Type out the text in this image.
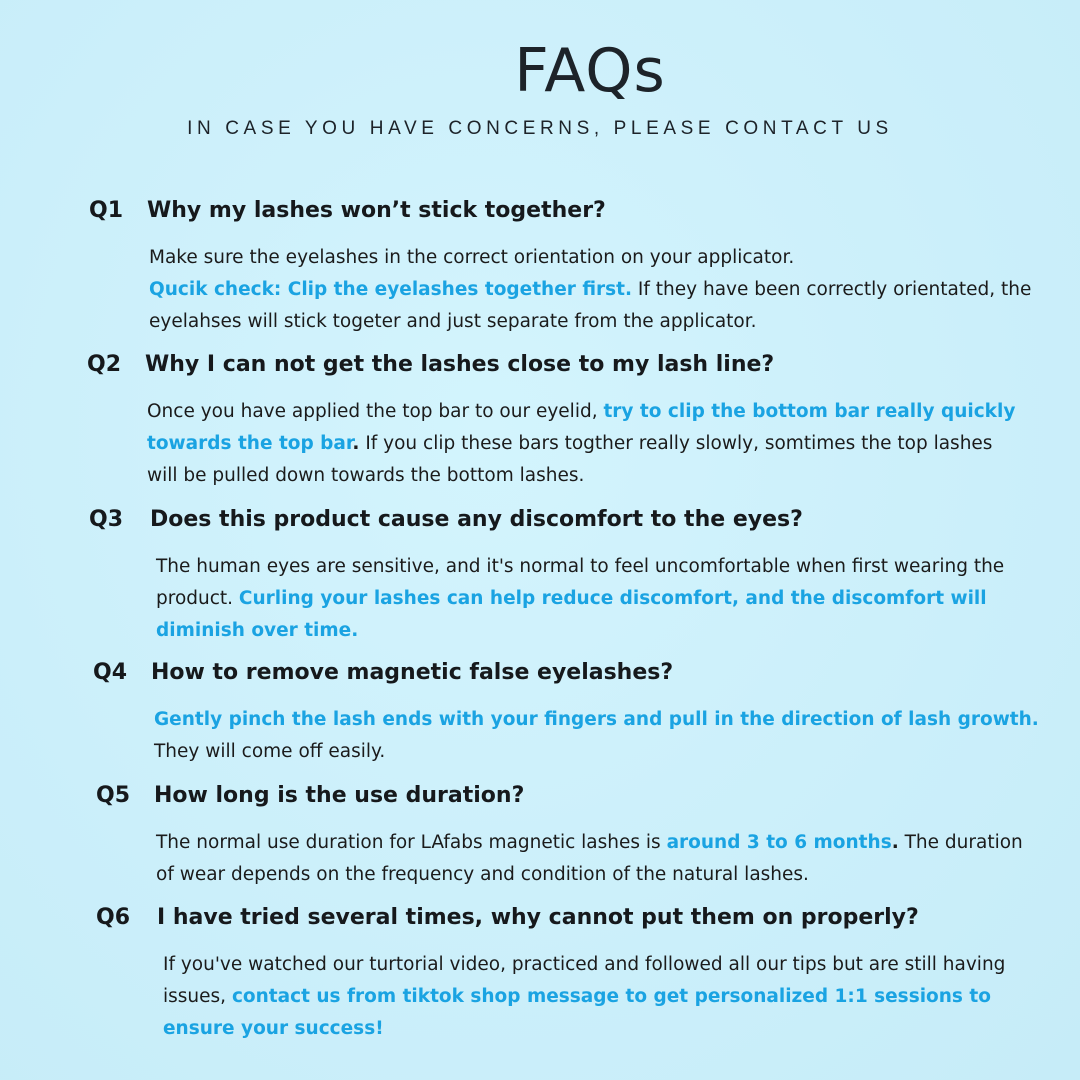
FAQs

IN CASE YOU HAVE CONCERNS, PLEASE CONTACT US

Q1 Why my lashes won’t stick together?

Make sure the eyelashes in the correct orientation on your applicator.
Qucik check: Clip the eyelashes together first. If they have been correctly orientated, the eyelahses will stick togeter and just separate from the applicator.

Q2 Why I can not get the lashes close to my lash line?

Once you have applied the top bar to our eyelid, try to clip the bottom bar really quickly towards the top bar. If you clip these bars togther really slowly, somtimes the top lashes will be pulled down towards the bottom lashes.

Q3 Does this product cause any discomfort to the eyes?

The human eyes are sensitive, and it's normal to feel uncomfortable when first wearing the product. Curling your lashes can help reduce discomfort, and the discomfort will diminish over time.

Q4 How to remove magnetic false eyelashes?

Gently pinch the lash ends with your fingers and pull in the direction of lash growth.
They will come off easily.

Q5 How long is the use duration?

The normal use duration for LAfabs magnetic lashes is around 3 to 6 months. The duration of wear depends on the frequency and condition of the natural lashes.

Q6 I have tried several times, why cannot put them on properly?

If you've watched our turtorial video, practiced and followed all our tips but are still having issues, contact us from tiktok shop message to get personalized 1:1 sessions to ensure your success!
